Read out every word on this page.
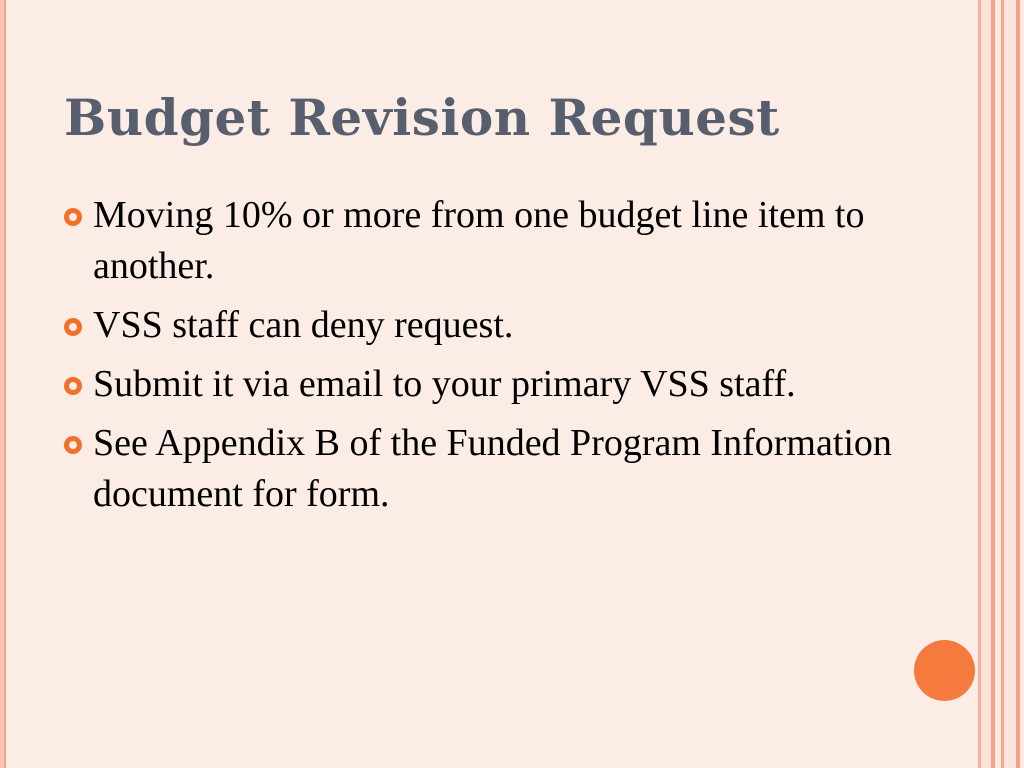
Budget Revision Request
Moving 10% or more from one budget line item to another.
VSS staff can deny request.
Submit it via email to your primary VSS staff.
See Appendix B of the Funded Program Information document for form.
